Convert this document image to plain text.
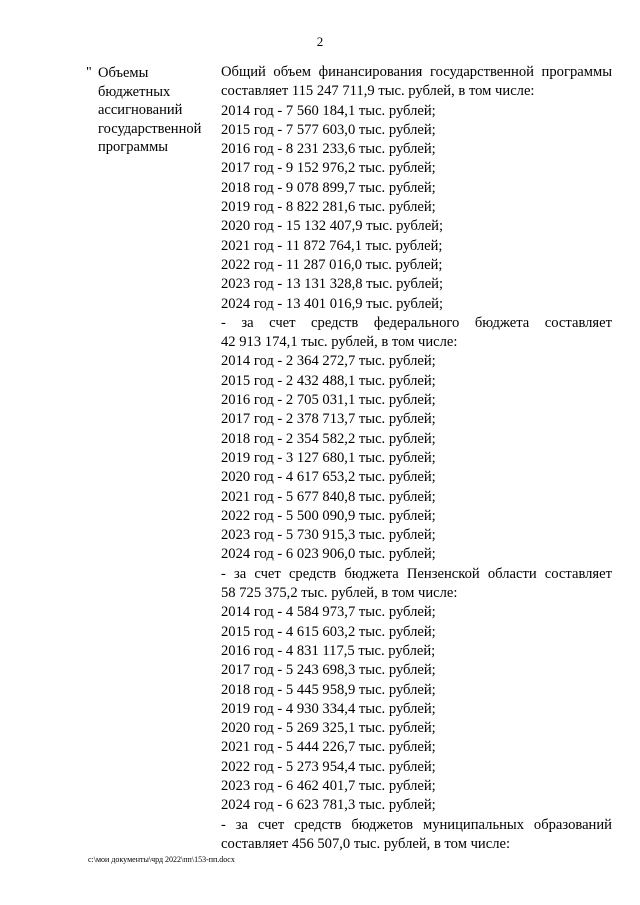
2
" Объемы
бюджетных
ассигнований
государственной
программы
Общий объем финансирования государственной программы
составляет 115 247 711,9 тыс. рублей, в том числе:
2014 год - 7 560 184,1 тыс. рублей;
2015 год - 7 577 603,0 тыс. рублей;
2016 год - 8 231 233,6 тыс. рублей;
2017 год - 9 152 976,2 тыс. рублей;
2018 год - 9 078 899,7 тыс. рублей;
2019 год - 8 822 281,6 тыс. рублей;
2020 год - 15 132 407,9 тыс. рублей;
2021 год - 11 872 764,1 тыс. рублей;
2022 год - 11 287 016,0 тыс. рублей;
2023 год - 13 131 328,8 тыс. рублей;
2024 год - 13 401 016,9 тыс. рублей;
- за счет средств федерального бюджета составляет
42 913 174,1 тыс. рублей, в том числе:
2014 год - 2 364 272,7 тыс. рублей;
2015 год - 2 432 488,1 тыс. рублей;
2016 год - 2 705 031,1 тыс. рублей;
2017 год - 2 378 713,7 тыс. рублей;
2018 год - 2 354 582,2 тыс. рублей;
2019 год - 3 127 680,1 тыс. рублей;
2020 год - 4 617 653,2 тыс. рублей;
2021 год - 5 677 840,8 тыс. рублей;
2022 год - 5 500 090,9 тыс. рублей;
2023 год - 5 730 915,3 тыс. рублей;
2024 год - 6 023 906,0 тыс. рублей;
- за счет средств бюджета Пензенской области составляет
58 725 375,2 тыс. рублей, в том числе:
2014 год - 4 584 973,7 тыс. рублей;
2015 год - 4 615 603,2 тыс. рублей;
2016 год - 4 831 117,5 тыс. рублей;
2017 год - 5 243 698,3 тыс. рублей;
2018 год - 5 445 958,9 тыс. рублей;
2019 год - 4 930 334,4 тыс. рублей;
2020 год - 5 269 325,1 тыс. рублей;
2021 год - 5 444 226,7 тыс. рублей;
2022 год - 5 273 954,4 тыс. рублей;
2023 год - 6 462 401,7 тыс. рублей;
2024 год - 6 623 781,3 тыс. рублей;
- за счет средств бюджетов муниципальных образований
составляет 456 507,0 тыс. рублей, в том числе:
c:\мои документы\чрд 2022\пп\153-пп.docx
